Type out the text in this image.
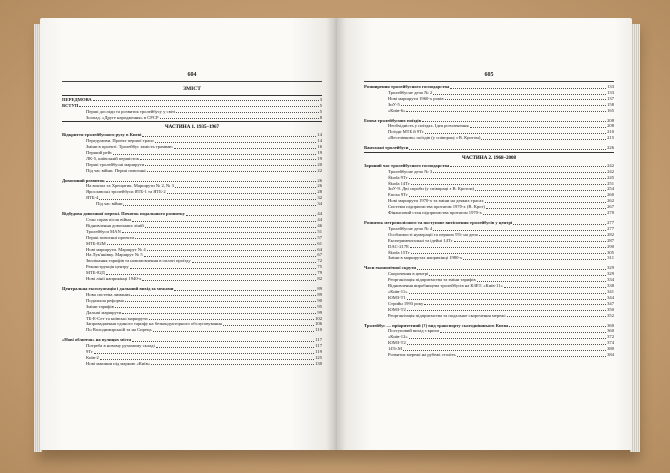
604
ЗМІСТ
ПЕРЕДМОВА	3
ВСТУП	5
Перші досліди та розвиток тролейбусу у світі	5
Зоопад. «Друге народження» в СРСР	8
ЧАСТИНА 1. 1935–1967
Відкриття тролейбусного руху в Києві	14
Передумови. Проект першої траси	14
Зміни в проекті. Тролейбус замість трамваю	16
Перший рейс	19
ЛК-5, київський першісток	19
Перші тролейбусні маршрути	20
Під час війни. Перші повоєнні	22
Довоєнний розвиток	26
На вокзал та Хрещатик. Маршрути № 2, № 3	26
Ярославські тролейбуси ЯТБ-1 та ЯТБ-2	28
ЯТБ-4	32
Під час війни	34
Відбудова довоєнної мережі. Початок подальшого розвитку	44
Стан справ після війни	44
Відновлення довоєнних ліній	46
Тролейбуси МАN	51
Перші повоєнні проекти	57
МТБ-82М	61
Нові маршрути. Маршрут № 4	64
На Лук'янівку. Маршрут № 5	67
Зволікання тарифів та новомовлення в оплаті проїзду	72
Реконструкція центру	75
МТБ-82Д	79
Нові лінії наприкінці 1940-х	82
Центральна експлуатація і дальший вихід за межами	89
Нова система лиманих	89
Подальша реформа	90
Зміни тарифів	95
Дальші маршрути	99
ТБ-Е-Сет та київські маршрути	102
Запровадження єдиного тарифу на безкондукторного обслуговування	106
По Володимирській та на Сирець	110
«Нові обличчя» на вулицях міста	117
Потреба в новому рухомому складі	117
9Тг	119
Київ-2	125
Нові машини під маркою «Київ»	130
605
Розширення тролейбусного господарства	133
Тролейбусне депо № 2	133
Нові маршрути 1960-х років	137
ЗиУ-5	158
«Київ-6»	165
Епоха тролейбусних поїздів	208
Необхідність у поїздах. Ідея розчленення	208
Поїзди МТБ й 9Тг	210
«Веселівкою» поїздів (у співпраці з В. Кротом)	215
Вантажні тролейбуси	226
ЧАСТИНА 2. 1968–2008
Зоряний час тролейбусного господарства	242
Тролейбусне депо № 3	242
Škoda 9Тг	245
Škoda 14Тг	251
ЗиУ-9. Дві спроби (у співпраці з В. Кротом)	254
Епоха 9Тг	260
Нові маршрути 1970-х та зміни на деяких трасах	262
Системи підприємства протягом 1970-х (В. Крот)	267
Фінансовий стан підприємства протягом 1970-х	270
Розвиток метрополісного та поступове витіснення тролейбусів у центрі	277
Тролейбусне депо № 4	277
Особливості нумерації та перших 9Тг на депо	282
Експериментальні та ідейні 14Тг	287
DAC-217E	290
Škoda 15Тг	305
Зміни в маршрутах наприкінці 1980-х	311
Часи економічної скрути	329
Скорочення в центрі	329
Реорганізація підприємства та зміни тарифів	334
Відновлення виробництва тролейбусів на КЗЕТ. «Київ-11»	338
«Київ-11»	341
ЮМЗ-Т1	344
Стрийн 1993 року	347
ЮМЗ-Т2	350
Реорганізація підприємства та подальше скорочення мережі	352
Тролейбус — пріоритетний (?) вид транспорту сьогоднішнього Києва	360
Поступовий вихід з кризи	360
«Київ-12»	372
ЮМЗ-Т2	374
14Тг.М	380
Розвиток мережі на рубежі століть	384
